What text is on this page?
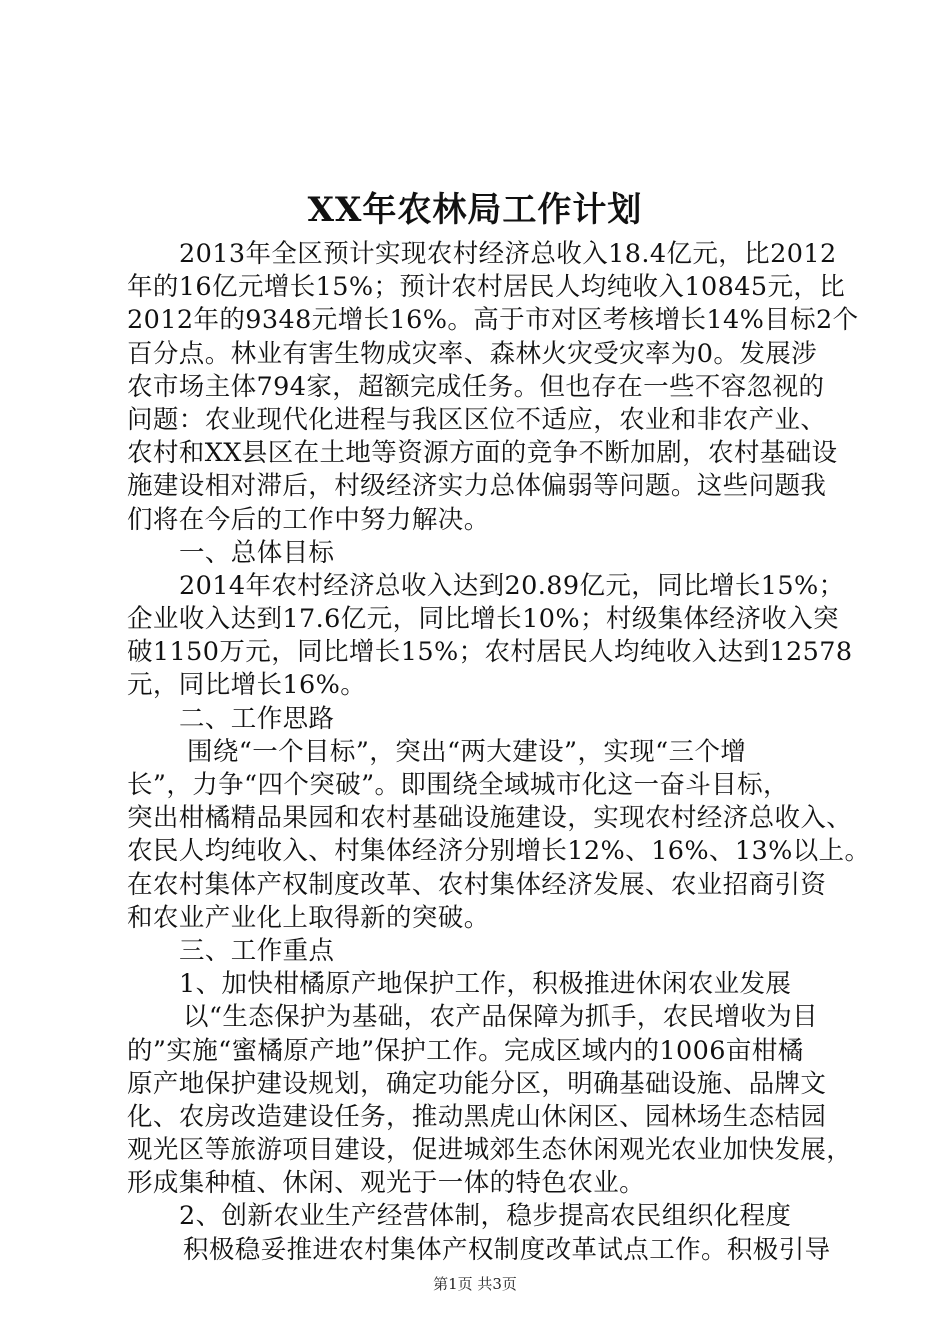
XX年农林局工作计划
2013年全区预计实现农村经济总收入18.4亿元，比2012
年的16亿元增长15%；预计农村居民人均纯收入10845元，比
2012年的9348元增长16%。高于市对区考核增长14%目标2个
百分点。林业有害生物成灾率、森林火灾受灾率为0。发展涉
农市场主体794家，超额完成任务。但也存在一些不容忽视的
问题：农业现代化进程与我区区位不适应，农业和非农产业、
农村和XX县区在土地等资源方面的竞争不断加剧，农村基础设
施建设相对滞后，村级经济实力总体偏弱等问题。这些问题我
们将在今后的工作中努力解决。
一、总体目标
2014年农村经济总收入达到20.89亿元，同比增长15%；
企业收入达到17.6亿元，同比增长10%；村级集体经济收入突
破1150万元，同比增长15%；农村居民人均纯收入达到12578
元，同比增长16%。
二、工作思路
围绕“一个目标”，突出“两大建设”，实现“三个增
长”，力争“四个突破”。即围绕全域城市化这一奋斗目标，
突出柑橘精品果园和农村基础设施建设，实现农村经济总收入、
农民人均纯收入、村集体经济分别增长12%、16%、13%以上。
在农村集体产权制度改革、农村集体经济发展、农业招商引资
和农业产业化上取得新的突破。
三、工作重点
1、加快柑橘原产地保护工作，积极推进休闲农业发展
以“生态保护为基础，农产品保障为抓手，农民增收为目
的”实施“蜜橘原产地”保护工作。完成区域内的1006亩柑橘
原产地保护建设规划，确定功能分区，明确基础设施、品牌文
化、农房改造建设任务，推动黑虎山休闲区、园林场生态桔园
观光区等旅游项目建设，促进城郊生态休闲观光农业加快发展，
形成集种植、休闲、观光于一体的特色农业。
2、创新农业生产经营体制，稳步提高农民组织化程度
积极稳妥推进农村集体产权制度改革试点工作。积极引导
第1页 共3页
